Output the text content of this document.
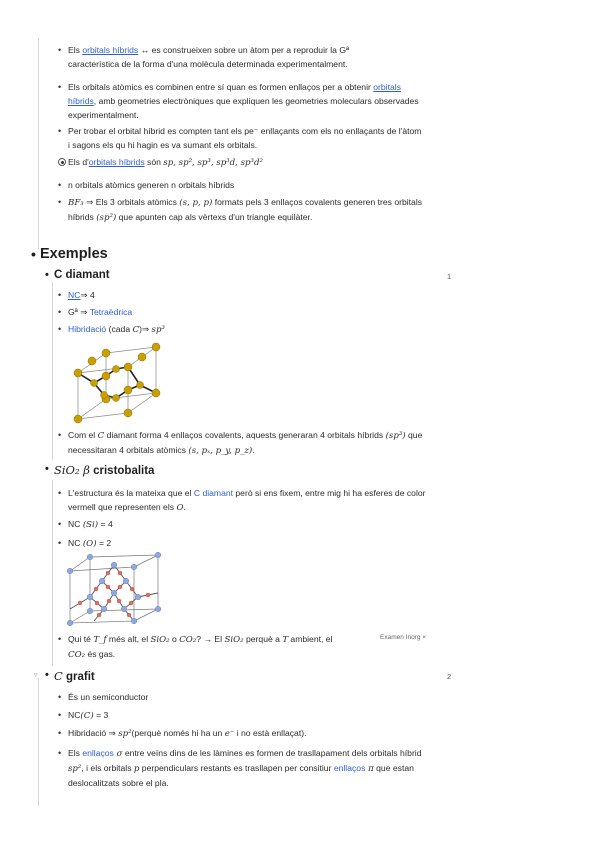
• Els orbitals híbrids ↔ es construeixen sobre un àtom per a reproduir la Gª
característica de la forma d'una molècula determinada experimentalment.
• Els orbitals atòmics es combinen entre sí quan es formen enllaços per a obtenir orbitals
híbrids, amb geometries electròniques que expliquen les geometries moleculars observades
experimentalment.
• Per trobar el orbital híbrid es compten tant els pe⁻ enllaçants com els no enllaçants de l'àtom
i sagons els qu hi hagin es va sumant els orbitals.
Els d'orbitals híbrids són sp, sp², sp³, sp³d, sp³d²
• n orbitals atòmics generen n orbitals híbrids
• BF₃ ⇒ Els 3 orbitals atòmics (s, p, p) formats pels 3 enllaços covalents generen tres orbitals
híbrids (sp²) que apunten cap als vèrtexs d'un triangle equilàter.
• Exemples
• C diamant	1
• NC⇒ 4
• Gª ⇒ Tetraèdrica
• Hibridació (cada C)⇒ sp³
• Com el C diamant forma 4 enllaços covalents, aquests generaran 4 orbitals híbrids (sp³) que
necessitaran 4 orbitals atòmics (s, pₓ, p_y, p_z).
• SiO₂ β cristobalita
• L'estructura és la mateixa que el C diamant però si ens fixem, entre mig hi ha esferes de color
vermell que representen els O.
• NC (Si) = 4
• NC (O) = 2
• Qui té T_f més alt, el SiO₂ o CO₂? → El SiO₂ perquè a T ambient, el
CO₂ és gas.
Examen Inorg ×
▿
• C grafit	2
• És un semiconductor
• NC(C) = 3
• Hibridació ⇒ sp²(perquè només hi ha un e⁻ i no està enllaçat).
• Els enllaços σ entre veïns dins de les làmines es formen de trasllapament dels orbitals híbrid
sp², i els orbitals p perpendiculars restants es trasllapen per consitiur enllaços π que estan
deslocalitzats sobre el pla.
